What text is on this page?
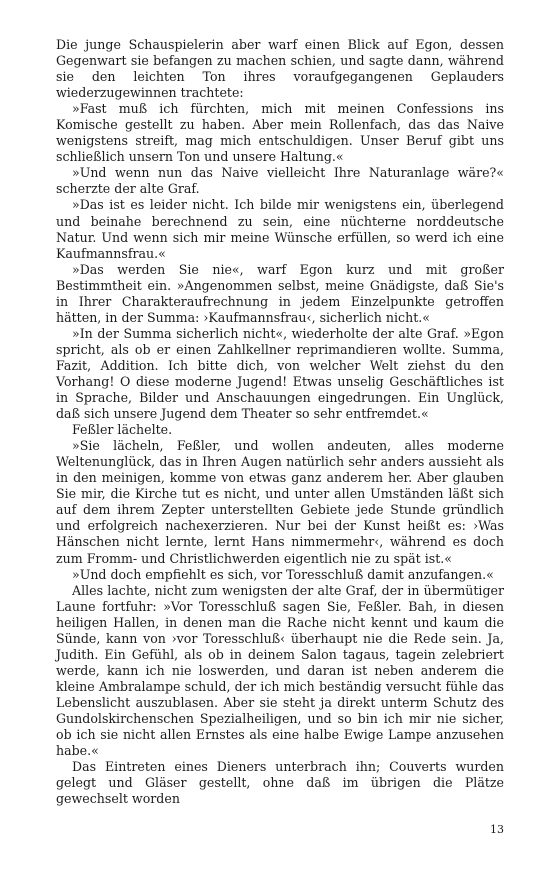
Die junge Schauspielerin aber warf einen Blick auf Egon, dessen Gegenwart sie befangen zu machen schien, und sagte dann, während sie den leichten Ton ihres voraufgegangenen Geplauders wiederzugewinnen trachtete:

»Fast muß ich fürchten, mich mit meinen Confessions ins Komische gestellt zu haben. Aber mein Rollenfach, das das Naive wenigstens streift, mag mich entschuldigen. Unser Beruf gibt uns schließlich unsern Ton und unsere Haltung.«

»Und wenn nun das Naive vielleicht Ihre Naturanlage wäre?« scherzte der alte Graf.

»Das ist es leider nicht. Ich bilde mir wenigstens ein, überlegend und beinahe berechnend zu sein, eine nüchterne norddeutsche Natur. Und wenn sich mir meine Wünsche erfüllen, so werd ich eine Kaufmannsfrau.«

»Das werden Sie nie«, warf Egon kurz und mit großer Bestimmtheit ein. »Angenommen selbst, meine Gnädigste, daß Sie's in Ihrer Charakteraufrechnung in jedem Einzelpunkte getroffen hätten, in der Summa: ›Kaufmannsfrau‹, sicherlich nicht.«

»In der Summa sicherlich nicht«, wiederholte der alte Graf. »Egon spricht, als ob er einen Zahlkellner reprimandieren wollte. Summa, Fazit, Addition. Ich bitte dich, von welcher Welt ziehst du den Vorhang! O diese moderne Jugend! Etwas unselig Geschäftliches ist in Sprache, Bilder und Anschauungen eingedrungen. Ein Unglück, daß sich unsere Jugend dem Theater so sehr entfremdet.«

Feßler lächelte.

»Sie lächeln, Feßler, und wollen andeuten, alles moderne Weltenunglück, das in Ihren Augen natürlich sehr anders aussieht als in den meinigen, komme von etwas ganz anderem her. Aber glauben Sie mir, die Kirche tut es nicht, und unter allen Umständen läßt sich auf dem ihrem Zepter unterstellten Gebiete jede Stunde gründlich und erfolgreich nachexerzieren. Nur bei der Kunst heißt es: ›Was Hänschen nicht lernte, lernt Hans nimmermehr‹, während es doch zum Fromm- und Christlichwerden eigentlich nie zu spät ist.«

»Und doch empfiehlt es sich, vor Toresschluß damit anzufangen.«

Alles lachte, nicht zum wenigsten der alte Graf, der in übermütiger Laune fortfuhr: »Vor Toresschluß sagen Sie, Feßler. Bah, in diesen heiligen Hallen, in denen man die Rache nicht kennt und kaum die Sünde, kann von ›vor Toresschluß‹ überhaupt nie die Rede sein. Ja, Judith. Ein Gefühl, als ob in deinem Salon tagaus, tagein zelebriert werde, kann ich nie loswerden, und daran ist neben anderem die kleine Ambralampe schuld, der ich mich beständig versucht fühle das Lebenslicht auszublasen. Aber sie steht ja direkt unterm Schutz des Gundolskirchenschen Spezialheiligen, und so bin ich mir nie sicher, ob ich sie nicht allen Ernstes als eine halbe Ewige Lampe anzusehen habe.«

Das Eintreten eines Dieners unterbrach ihn; Couverts wurden gelegt und Gläser gestellt, ohne daß im übrigen die Plätze gewechselt worden

13
